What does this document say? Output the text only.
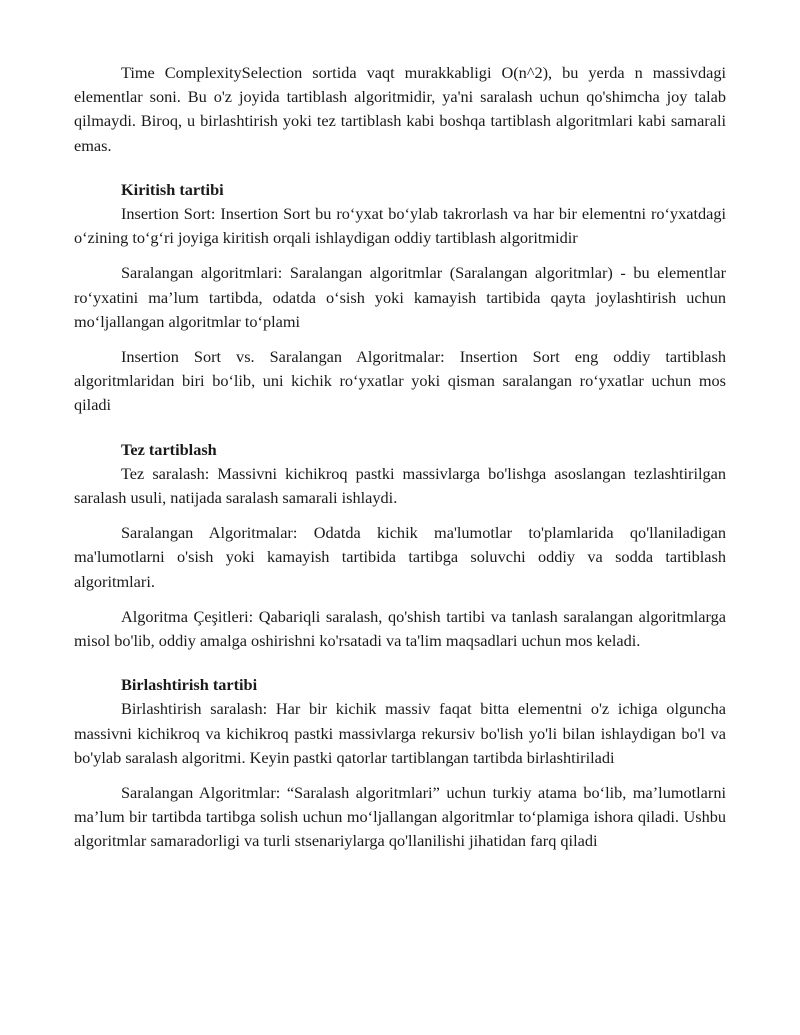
Time ComplexitySelection sortida vaqt murakkabligi O(n^2), bu yerda n massivdagi elementlar soni. Bu o'z joyida tartiblash algoritmidir, ya'ni saralash uchun qo'shimcha joy talab qilmaydi. Biroq, u birlashtirish yoki tez tartiblash kabi boshqa tartiblash algoritmlari kabi samarali emas.

Kiritish tartibi

Insertion Sort: Insertion Sort bu ro‘yxat bo‘ylab takrorlash va har bir elementni ro‘yxatdagi o‘zining to‘g‘ri joyiga kiritish orqali ishlaydigan oddiy tartiblash algoritmidir

Saralangan algoritmlari: Saralangan algoritmlar (Saralangan algoritmlar) - bu elementlar ro‘yxatini ma’lum tartibda, odatda o‘sish yoki kamayish tartibida qayta joylashtirish uchun mo‘ljallangan algoritmlar to‘plami

Insertion Sort vs. Saralangan Algoritmalar: Insertion Sort eng oddiy tartiblash algoritmlaridan biri bo‘lib, uni kichik ro‘yxatlar yoki qisman saralangan ro‘yxatlar uchun mos qiladi

Tez tartiblash

Tez saralash: Massivni kichikroq pastki massivlarga bo'lishga asoslangan tezlashtirilgan saralash usuli, natijada saralash samarali ishlaydi.

Saralangan Algoritmalar: Odatda kichik ma'lumotlar to'plamlarida qo'llaniladigan ma'lumotlarni o'sish yoki kamayish tartibida tartibga soluvchi oddiy va sodda tartiblash algoritmlari.

Algoritma Çeşitleri: Qabariqli saralash, qo'shish tartibi va tanlash saralangan algoritmlarga misol bo'lib, oddiy amalga oshirishni ko'rsatadi va ta'lim maqsadlari uchun mos keladi.

Birlashtirish tartibi

Birlashtirish saralash: Har bir kichik massiv faqat bitta elementni o'z ichiga olguncha massivni kichikroq va kichikroq pastki massivlarga rekursiv bo'lish yo'li bilan ishlaydigan bo'l va bo'ylab saralash algoritmi. Keyin pastki qatorlar tartiblangan tartibda birlashtiriladi

Saralangan Algoritmlar: “Saralash algoritmlari” uchun turkiy atama bo‘lib, ma’lumotlarni ma’lum bir tartibda tartibga solish uchun mo‘ljallangan algoritmlar to‘plamiga ishora qiladi. Ushbu algoritmlar samaradorligi va turli stsenariylarga qo'llanilishi jihatidan farq qiladi
